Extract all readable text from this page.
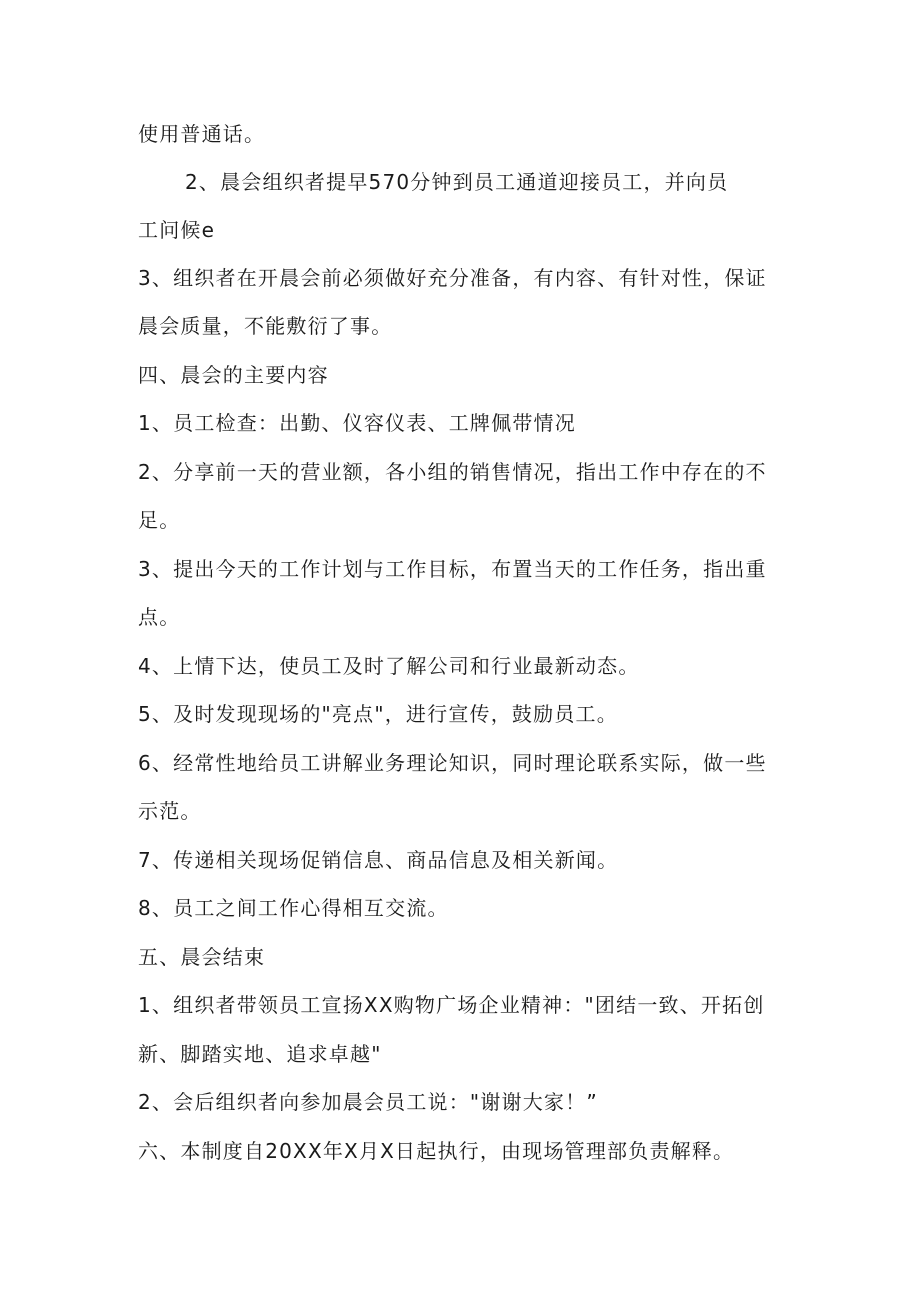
使用普通话。
2、晨会组织者提早570分钟到员工通道迎接员工，并向员
工问候e
3、组织者在开晨会前必须做好充分准备，有内容、有针对性，保证
晨会质量，不能敷衍了事。
四、晨会的主要内容
1、员工检查：出勤、仪容仪表、工牌佩带情况
2、分享前一天的营业额，各小组的销售情况，指出工作中存在的不
足。
3、提出今天的工作计划与工作目标，布置当天的工作任务，指出重
点。
4、上情下达，使员工及时了解公司和行业最新动态。
5、及时发现现场的"亮点"，进行宣传，鼓励员工。
6、经常性地给员工讲解业务理论知识，同时理论联系实际，做一些
示范。
7、传递相关现场促销信息、商品信息及相关新闻。
8、员工之间工作心得相互交流。
五、晨会结束
1、组织者带领员工宣扬XX购物广场企业精神："团结一致、开拓创
新、脚踏实地、追求卓越"
2、会后组织者向参加晨会员工说："谢谢大家！”
六、本制度自20XX年X月X日起执行，由现场管理部负责解释。
